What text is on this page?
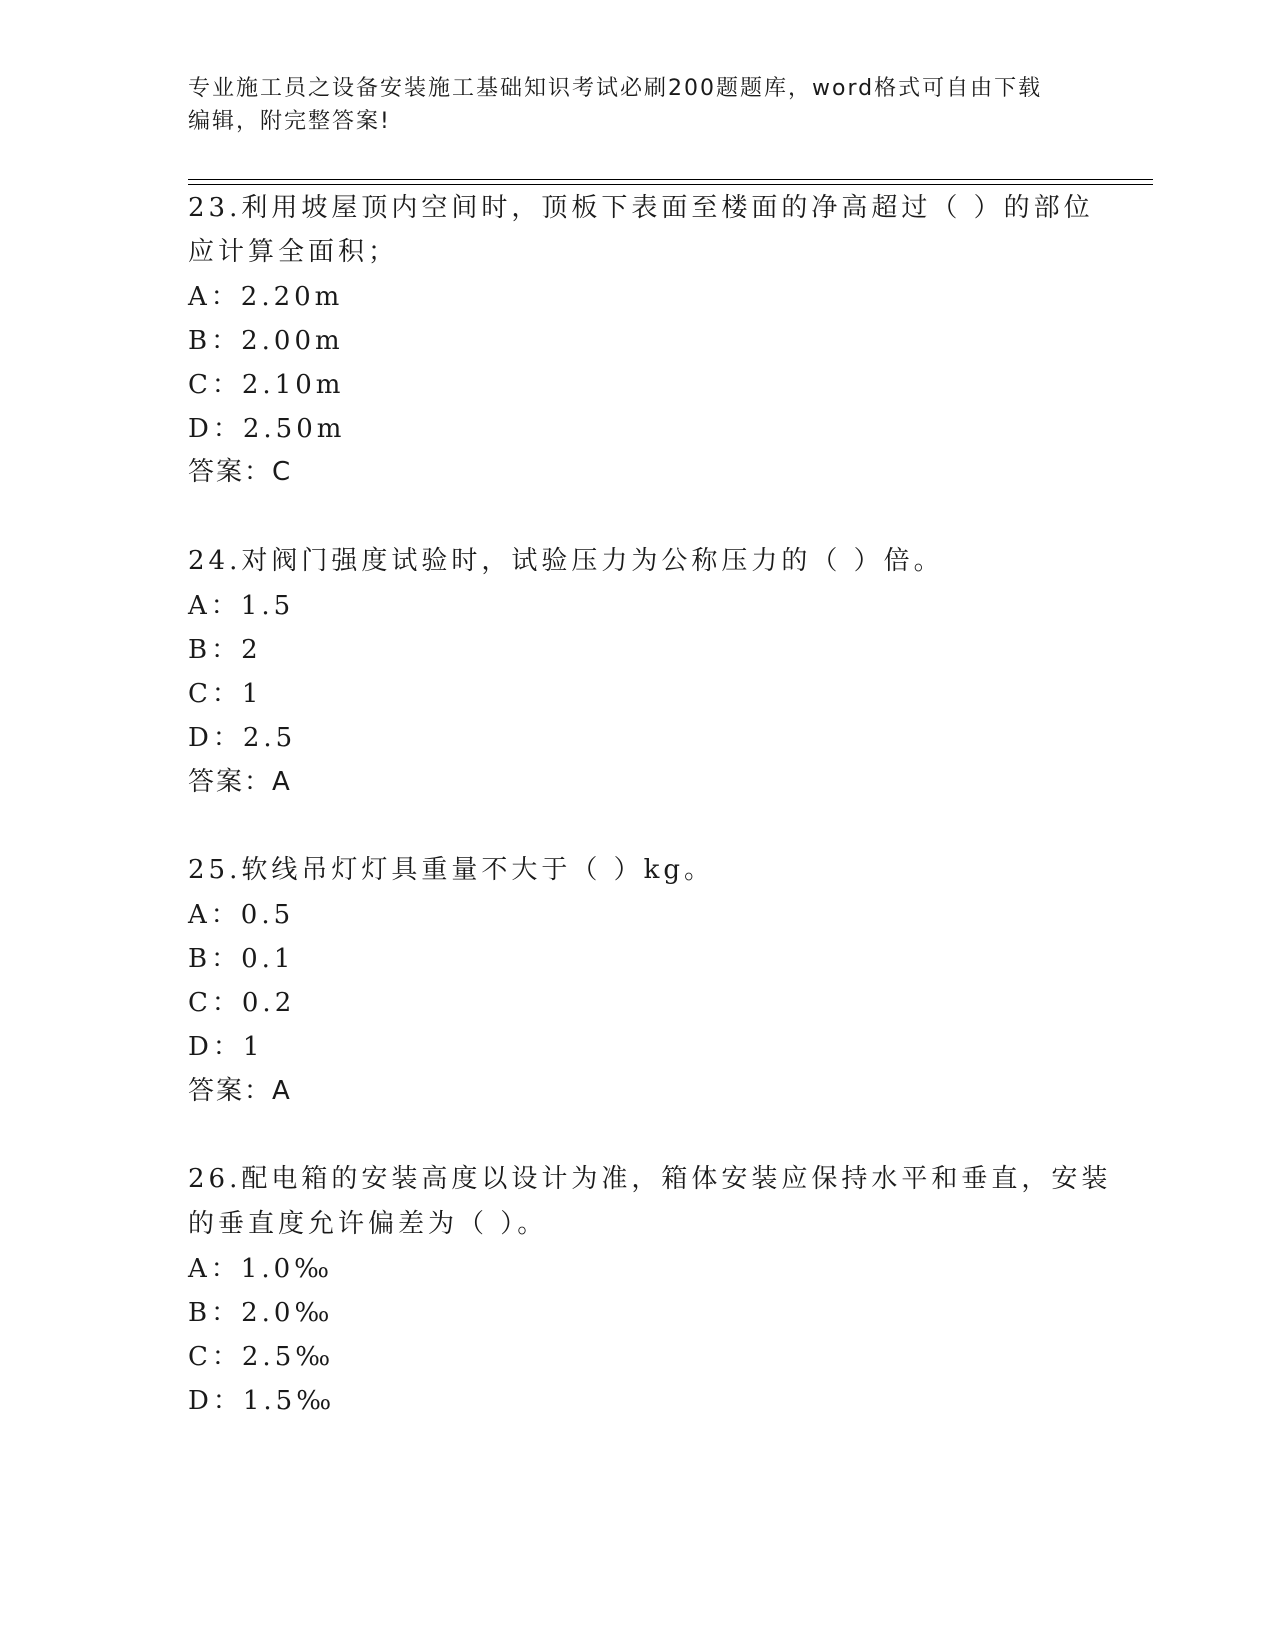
专业施工员之设备安装施工基础知识考试必刷200题题库，word格式可自由下载
编辑，附完整答案!
23.利用坡屋顶内空间时，顶板下表面至楼面的净高超过（ ）的部位
应计算全面积；
A：2.20m
B：2.00m
C：2.10m
D：2.50m
答案：C
24.对阀门强度试验时，试验压力为公称压力的（ ）倍。
A：1.5
B：2
C：1
D：2.5
答案：A
25.软线吊灯灯具重量不大于（ ）kg。
A：0.5
B：0.1
C：0.2
D：1
答案：A
26.配电箱的安装高度以设计为准，箱体安装应保持水平和垂直，安装
的垂直度允许偏差为（ ）。
A：1.0‰
B：2.0‰
C：2.5‰
D：1.5‰
